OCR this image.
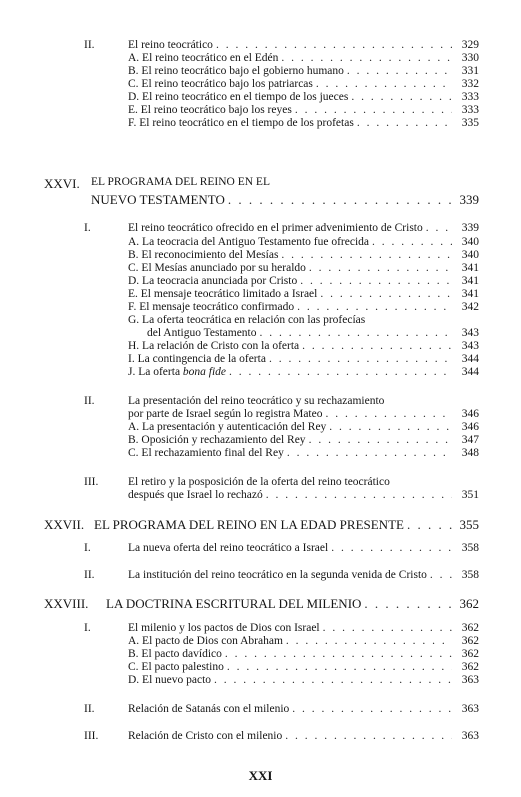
II.	El reino teocrático . . .	329
A. El reino teocrático en el Edén . . .	330
B. El reino teocrático bajo el gobierno humano . . .	331
C. El reino teocrático bajo los patriarcas . . .	332
D. El reino teocrático en el tiempo de los jueces . . .	333
E. El reino teocrático bajo los reyes . . .	333
F. El reino teocrático en el tiempo de los profetas . . .	335
XXVI. EL PROGRAMA DEL REINO EN EL
NUEVO TESTAMENTO . . .	339
I.	El reino teocrático ofrecido en el primer advenimiento de Cristo . . .	339
A. La teocracia del Antiguo Testamento fue ofrecida . . .	340
B. El reconocimiento del Mesías . . .	340
C. El Mesías anunciado por su heraldo . . .	341
D. La teocracia anunciada por Cristo . . .	341
E. El mensaje teocrático limitado a Israel . . .	341
F. El mensaje teocrático confirmado . . .	342
G. La oferta teocrática en relación con las profecías
del Antiguo Testamento . . .	343
H. La relación de Cristo con la oferta . . .	343
I. La contingencia de la oferta . . .	344
J. La oferta bona fide . . .	344
II.	La presentación del reino teocrático y su rechazamiento
por parte de Israel según lo registra Mateo . . .	346
A. La presentación y autenticación del Rey . . .	346
B. Oposición y rechazamiento del Rey . . .	347
C. El rechazamiento final del Rey . . .	348
III.	El retiro y la posposición de la oferta del reino teocrático
después que Israel lo rechazó . . .	351
XXVII. EL PROGRAMA DEL REINO EN LA EDAD PRESENTE . . .	355
I.	La nueva oferta del reino teocrático a Israel . . .	358
II.	La institución del reino teocrático en la segunda venida de Cristo . . .	358
XXVIII. LA DOCTRINA ESCRITURAL DEL MILENIO . . .	362
I.	El milenio y los pactos de Dios con Israel . . .	362
A. El pacto de Dios con Abraham . . .	362
B. El pacto davídico . . .	362
C. El pacto palestino . . .	362
D. El nuevo pacto . . .	363
II.	Relación de Satanás con el milenio . . .	363
III.	Relación de Cristo con el milenio . . .	363
XXI
